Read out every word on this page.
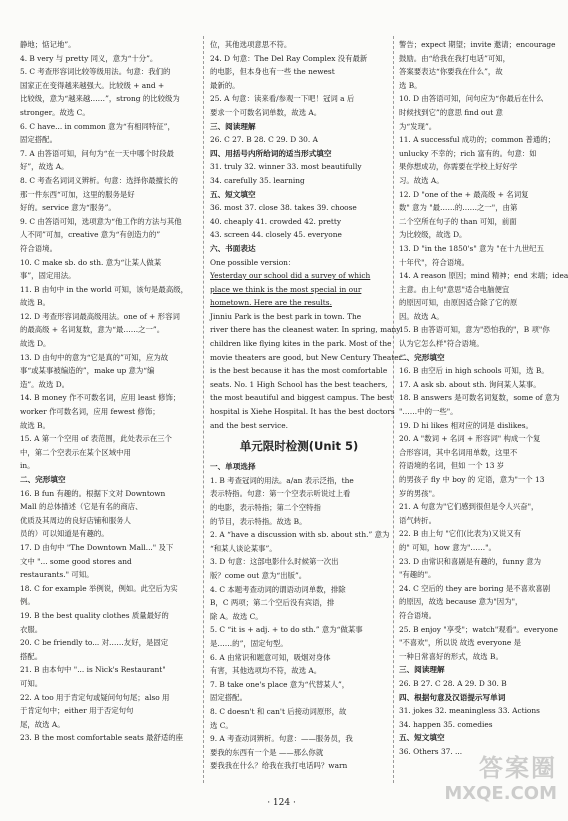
静地；惦记地”。
4. B very 与 pretty 同义，意为“十分”。
5. C 考查形容词比较等级用法。句意：我们的
国家正在变得越来越强大。比较级 + and +
比较级，意为“越来越……”，strong 的比较级为
stronger。故选 C。
6. C have... in common 意为“有相同特征”，
固定搭配。
7. A 由答语可知，问句为“在一天中哪个时段最
好”，故选 A。
8. C 考查名词词义辨析。句意：选择你最擅长的
那一件东西“可加，这里的服务是好
好的。service 意为“服务”。
9. C 由答语可知，选项意为“他工作的方法与其他
人不同”可加，creative 意为“有创造力的”
符合语境。
10. C make sb. do sth. 意为“让某人做某
事”，固定用法。
11. B 由句中 in the world 可知，该句是最高级，
故选 B。
12. D 考查形容词最高级用法。one of + 形容词
的最高级 + 名词复数，意为“最……之一”。
故选 D。
13. D 由句中的意为“它是真的”可知，应为故
事“或某事被编造的”，make up 意为“编
造”。故选 D。
14. B money 作不可数名词，应用 least 修饰；
worker 作可数名词，应用 fewest 修饰；
故选 B。
15. A 第一个空用 of 表范围，此处表示在三个
中，第二个空表示在某个区域中用
in。
二、完形填空
16. B fun 有趣的。根据下文对 Downtown
Mall 的总体描述（它是有名的商店、
优质及其周边的良好店铺和服务人
员的）可以知道是有趣的。
17. D 由句中 "The Downtown Mall..." 及下
文中 "... some good stores and
restaurants." 可知。
18. C for example 举例说，例如。此空后为实
例。
19. B the best quality clothes 质量最好的
衣服。
20. C be friendly to... 对……友好，是固定
搭配。
21. B 由本句中 "... is Nick's Restaurant"
可知。
22. A too 用于肯定句或疑问句句尾；also 用
于肯定句中；either 用于否定句句
尾，故选 A。
23. B the most comfortable seats 最舒适的座
位，其他选项意思不符。
24. D 句意：The Del Ray Complex 没有最新
的电影，但本身也有一些 the newest
最新的。
25. A 句意：读来看/参观一下吧！冠词 a 后
要求一个可数名词单数，故选 A。
三、阅读理解
26. C 27. B 28. C 29. D 30. A
四、用括号内所给词的适当形式填空
31. truly 32. winner 33. most beautifully
34. carefully 35. learning
五、短文填空
36. most 37. close 38. takes 39. choose
40. cheaply 41. crowded 42. pretty
43. screen 44. closely 45. everyone
六、书面表达
One possible version：
Yesterday our school did a survey of which
place we think is the most special in our
hometown. Here are the results.
Jinniu Park is the best park in town. The
river there has the cleanest water. In spring, many
children like flying kites in the park. Most of the
movie theaters are good, but New Century Theater
is the best because it has the most comfortable
seats. No. 1 High School has the best teachers,
the most beautiful and biggest campus. The best
hospital is Xiehe Hospital. It has the best doctors
and the best service.
单元限时检测(Unit 5)
一、单项选择
1. B 考查冠词的用法。a/an 表示泛指，the
表示特指。句意：第一个空表示听说过上看
的电影，表示特指；第二个空特指
的节目，表示特指。故选 B。
2. A “have a discussion with sb. about sth.” 意为
“和某人谈论某事”。
3. D 句意：这部电影什么时候第一次出
版？come out 意为“出版”。
4. C 本题考查动词的谓语动词单数，排除
B，C 两项；第二个空后没有宾语，排
除 A。故选 C。
5. C “it is + adj. + to do sth.” 意为“做某事
是……的”，固定句型。
6. A 由常识和题意可知，吸烟对身体
有害，其他选项均不符，故选 A。
7. B take one's place 意为“代替某人”，
固定搭配。
8. C doesn't 和 can't 后接动词原形，故
选 C。
9. A 考查动词辨析。句意：——服务员，我
要我的东西有一个是 ——那么你就
要我我在什么？给我在我打电话吗？warn
警告；expect 期望；invite 邀请；encourage
鼓励。由“给我在我打电话”可知，
答案要表达“你要我在什么”，故
选 B。
10. D 由答语可知，问句应为“你最后在什么
时候找到它”的意思 find out 意
为“发现”。
11. A successful 成功的；common 普通的；
unlucky 不幸的；rich 富有的。句意：如
果你想成功，你需要在学校上好好学
习。故选 A。
12. D "one of the + 最高级 + 名词复
数" 意为 "最……的……之一"，由第
二个空所在句子的 than 可知，前面
为比较级，故选 D。
13. D "in the 1850's" 意为 "在十九世纪五
十年代"，符合语境。
14. A reason 原因；mind 精神；end 末端；idea
主意。由上句"意思"适合电脑便宜
的原因可知，由原因适合除了它的原
因。故选 A。
15. B 由答语可知，意为"恐怕我的"，B 项"你
认为它怎么样"符合语境。
二、完形填空
16. B 由空后 in high schools 可知，选 B。
17. A ask sb. about sth. 询问某人某事。
18. B answers 是可数名词复数，some of 意为
"……中的一些"。
19. D hi likes 相对应的词是 dislikes。
20. A "数词 + 名词 + 形容词" 构成一个复
合形容词，其中名词用单数，这里不
符语境的名词，但如 一个 13 岁
的男孩子 fly 中 boy 的 定语，意为"一个 13
岁的男孩"。
21. A 句意为"它们感到很但是令人兴奋"，
语气转折。
22. B 由上句 "它们(比表为)又说又有
的" 可知，how 意为"……"。
23. D 由常识和喜剧是有趣的，funny 意为
"有趣的"。
24. C 空后的 they are boring 是不喜欢喜剧
的原因，故选 because 意为"因为"，
符合语境。
25. B enjoy "享受"；watch"观看"。everyone
"不喜欢"，所以说 故选 everyone 是
一种日常喜好的形式，故选 B。
三、阅读理解
26. B 27. C 28. A 29. D 30. B
四、根据句意及汉语提示写单词
31. jokes 32. meaningless 33. Actions
34. happen 35. comedies
五、短文填空
36. Others 37. ...
· 124 ·
答案圈
MXQE.COM
